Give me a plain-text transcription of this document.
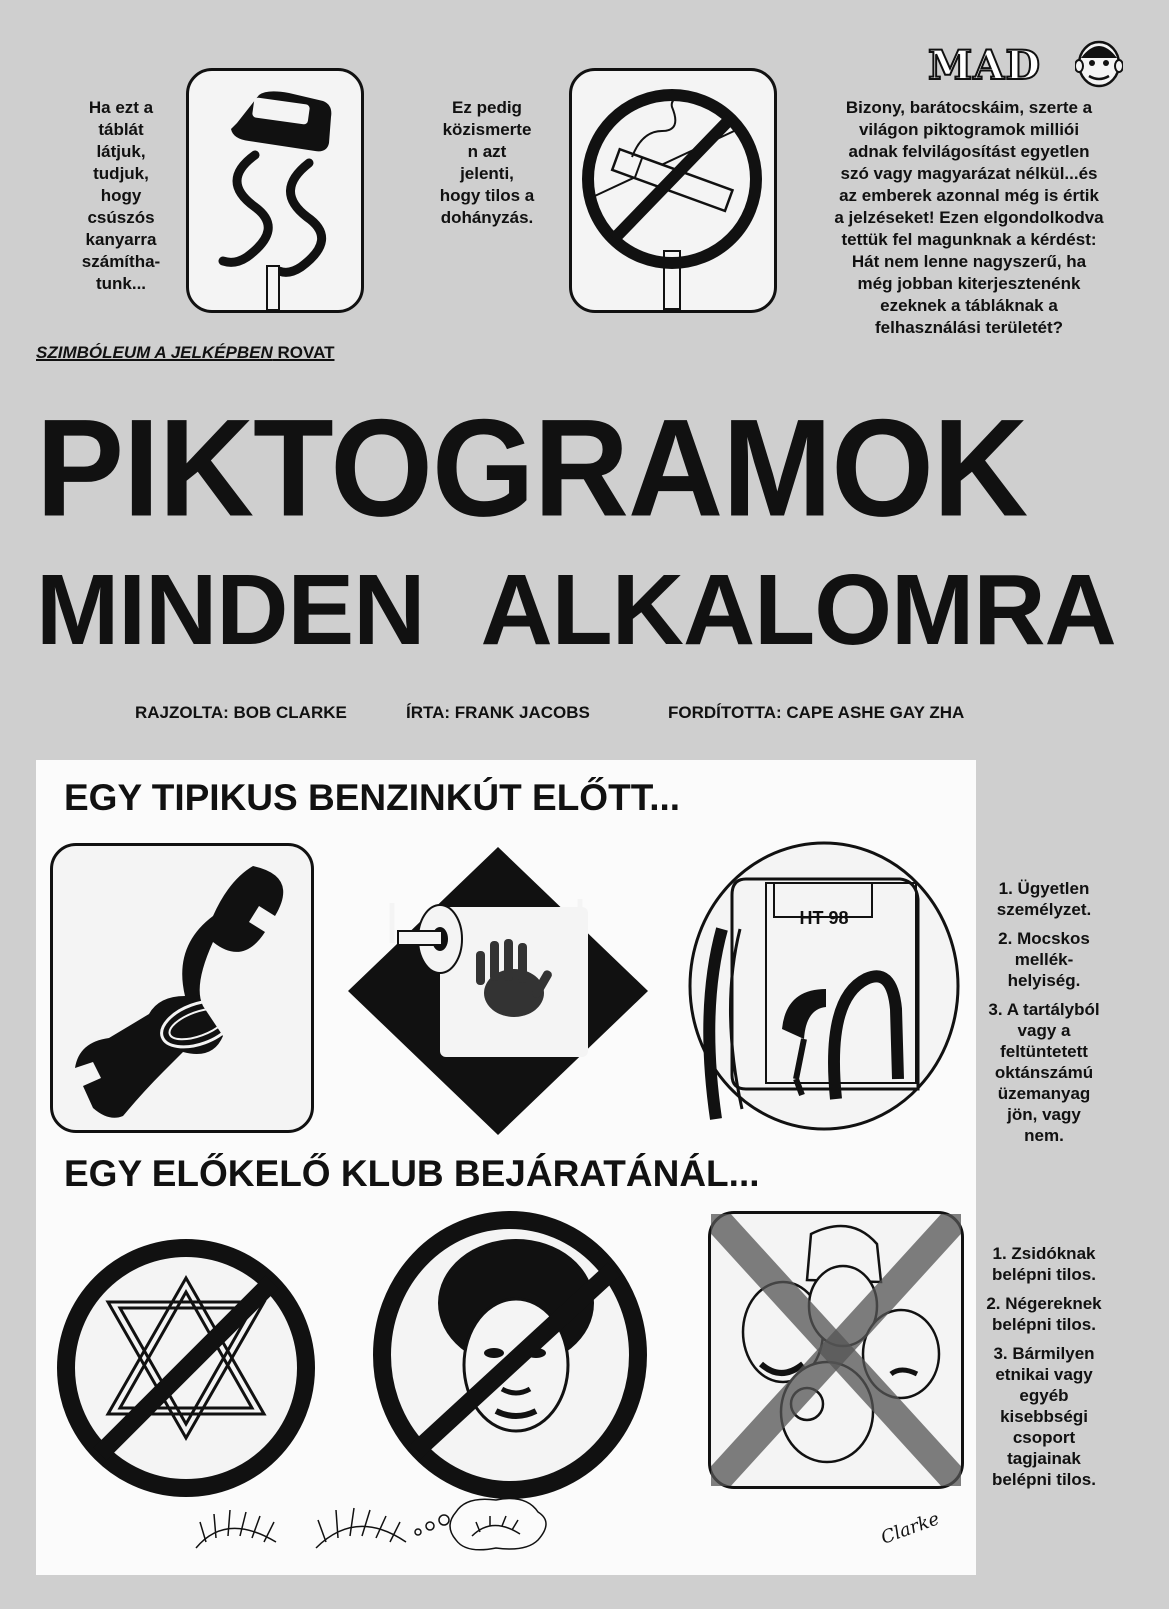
MAD
Ha ezt a
táblát
látjuk,
tudjuk,
hogy
csúszós
kanyarra
számítha-
tunk...
Ez pedig
közismerte
n azt
jelenti,
hogy tilos a
dohányzás.
Bizony, barátocskáim, szerte a
világon piktogramok milliói
adnak felvilágosítást egyetlen
szó vagy magyarázat nélkül...és
az emberek azonnal még is értik
a jelzéseket! Ezen elgondolkodva
tettük fel magunknak a kérdést:
Hát nem lenne nagyszerű, ha
még jobban kiterjesztenénk
ezeknek a tábláknak a
felhasználási területét?
SZIMBÓLEUM A JELKÉPBEN ROVAT
PIKTOGRAMOK
MINDEN ALKALOMRA
RAJZOLTA: BOB CLARKE	ÍRTA: FRANK JACOBS	FORDÍTOTTA: CAPE ASHE GAY ZHA
EGY TIPIKUS BENZINKÚT ELŐTT...
HT 98
1. Ügyetlen
személyzet.
2. Mocskos
mellék-
helyiség.
3. A tartályból
vagy a
feltüntetett
oktánszámú
üzemanyag
jön, vagy
nem.
EGY ELŐKELŐ KLUB BEJÁRATÁNÁL...
1. Zsidóknak
belépni tilos.
2. Négereknek
belépni tilos.
3. Bármilyen
etnikai vagy
egyéb
kisebbségi
csoport
tagjainak
belépni tilos.
Clarke
